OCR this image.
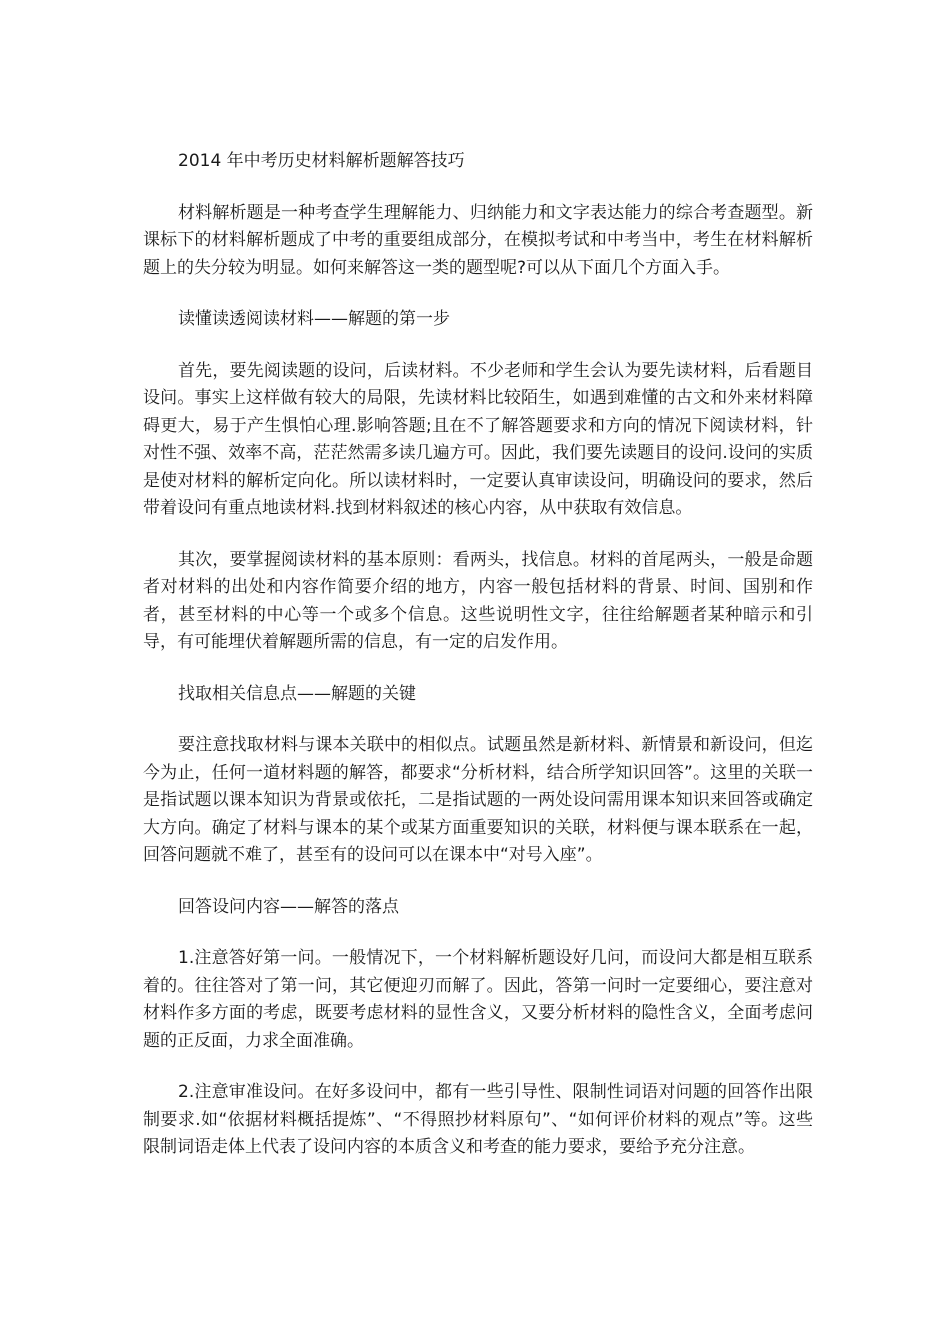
2014 年中考历史材料解析题解答技巧

材料解析题是一种考查学生理解能力、归纳能力和文字表达能力的综合考查题型。新课标下的材料解析题成了中考的重要组成部分，在模拟考试和中考当中，考生在材料解析题上的失分较为明显。如何来解答这一类的题型呢?可以从下面几个方面入手。

读懂读透阅读材料——解题的第一步

首先，要先阅读题的设问，后读材料。不少老师和学生会认为要先读材料，后看题目设问。事实上这样做有较大的局限，先读材料比较陌生，如遇到难懂的古文和外来材料障碍更大，易于产生惧怕心理.影响答题;且在不了解答题要求和方向的情况下阅读材料，针对性不强、效率不高，茫茫然需多读几遍方可。因此，我们要先读题目的设问.设问的实质是使对材料的解析定向化。所以读材料时，一定要认真审读设问，明确设问的要求，然后带着设问有重点地读材料.找到材料叙述的核心内容，从中获取有效信息。

其次，要掌握阅读材料的基本原则：看两头，找信息。材料的首尾两头，一般是命题者对材料的出处和内容作简要介绍的地方，内容一般包括材料的背景、时间、国别和作者，甚至材料的中心等一个或多个信息。这些说明性文字，往往给解题者某种暗示和引导，有可能埋伏着解题所需的信息，有一定的启发作用。

找取相关信息点——解题的关键

要注意找取材料与课本关联中的相似点。试题虽然是新材料、新情景和新设问，但迄今为止，任何一道材料题的解答，都要求“分析材料，结合所学知识回答”。这里的关联一是指试题以课本知识为背景或依托，二是指试题的一两处设问需用课本知识来回答或确定大方向。确定了材料与课本的某个或某方面重要知识的关联，材料便与课本联系在一起，回答问题就不难了，甚至有的设问可以在课本中“对号入座”。

回答设问内容——解答的落点

1.注意答好第一问。一般情况下，一个材料解析题设好几问，而设问大都是相互联系着的。往往答对了第一问，其它便迎刃而解了。因此，答第一问时一定要细心，要注意对材料作多方面的考虑，既要考虑材料的显性含义，又要分析材料的隐性含义，全面考虑问题的正反面，力求全面准确。

2.注意审准设问。在好多设问中，都有一些引导性、限制性词语对问题的回答作出限制要求.如“依据材料概括提炼”、“不得照抄材料原句”、“如何评价材料的观点”等。这些限制词语走体上代表了设问内容的本质含义和考查的能力要求，要给予充分注意。
